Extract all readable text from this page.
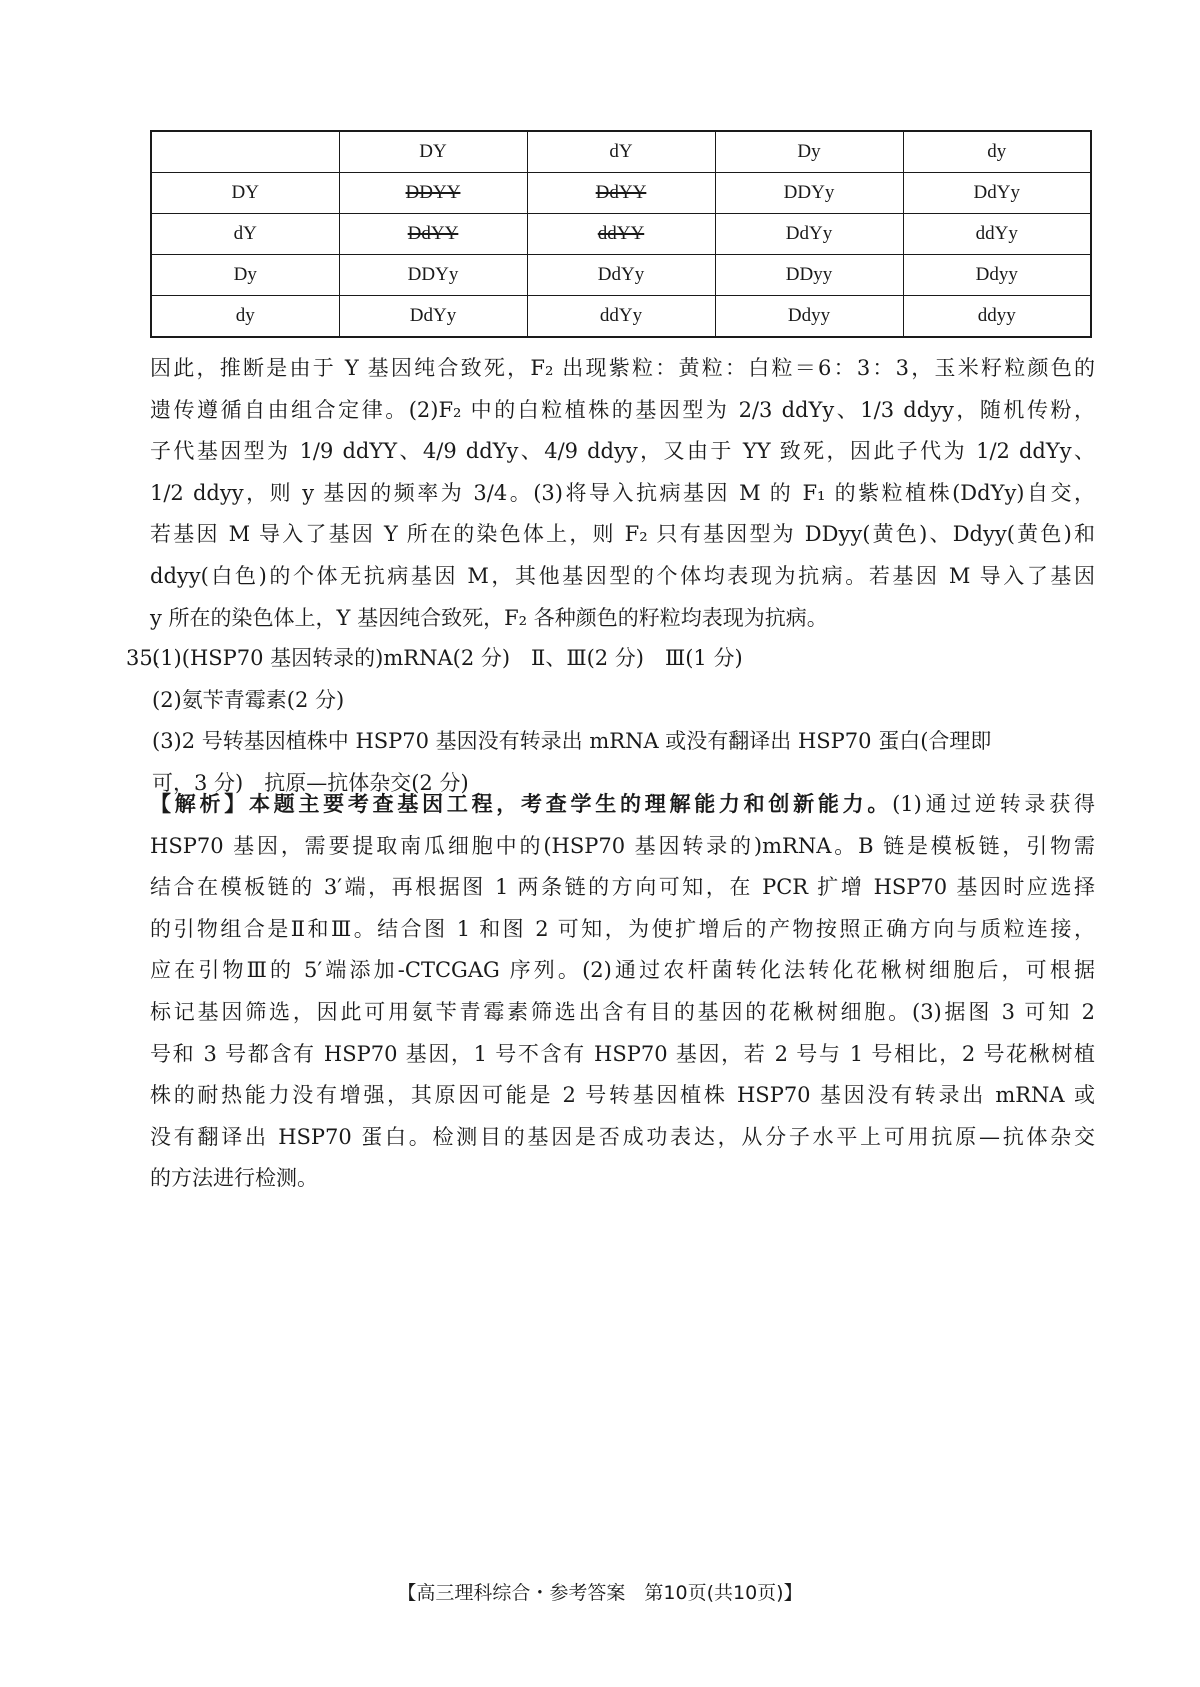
	DY	dY	Dy	dy
DY	DDYY	DdYY	DDYy	DdYy
dY	DdYY	ddYY	DdYy	ddYy
Dy	DDYy	DdYy	DDyy	Ddyy
dy	DdYy	ddYy	Ddyy	ddyy
因此，推断是由于 Y 基因纯合致死，F₂ 出现紫粒：黄粒：白粒＝6：3：3，玉米籽粒颜色的
遗传遵循自由组合定律。(2)F₂ 中的白粒植株的基因型为 2/3 ddYy、1/3 ddyy，随机传粉，
子代基因型为 1/9 ddYY、4/9 ddYy、4/9 ddyy，又由于 YY 致死，因此子代为 1/2 ddYy、
1/2 ddyy，则 y 基因的频率为 3/4。(3)将导入抗病基因 M 的 F₁ 的紫粒植株(DdYy)自交，
若基因 M 导入了基因 Y 所在的染色体上，则 F₂ 只有基因型为 DDyy(黄色)、Ddyy(黄色)和
ddyy(白色)的个体无抗病基因 M，其他基因型的个体均表现为抗病。若基因 M 导入了基因
y 所在的染色体上，Y 基因纯合致死，F₂ 各种颜色的籽粒均表现为抗病。
35.(1)(HSP70 基因转录的)mRNA(2 分)　Ⅱ、Ⅲ(2 分)　Ⅲ(1 分)
(2)氨苄青霉素(2 分)
(3)2 号转基因植株中 HSP70 基因没有转录出 mRNA 或没有翻译出 HSP70 蛋白(合理即
可，3 分)　抗原—抗体杂交(2 分)
【解析】本题主要考查基因工程，考查学生的理解能力和创新能力。(1)通过逆转录获得
HSP70 基因，需要提取南瓜细胞中的(HSP70 基因转录的)mRNA。B 链是模板链，引物需
结合在模板链的 3′端，再根据图 1 两条链的方向可知，在 PCR 扩增 HSP70 基因时应选择
的引物组合是Ⅱ和Ⅲ。结合图 1 和图 2 可知，为使扩增后的产物按照正确方向与质粒连接，
应在引物Ⅲ的 5′端添加-CTCGAG 序列。(2)通过农杆菌转化法转化花楸树细胞后，可根据
标记基因筛选，因此可用氨苄青霉素筛选出含有目的基因的花楸树细胞。(3)据图 3 可知 2
号和 3 号都含有 HSP70 基因，1 号不含有 HSP70 基因，若 2 号与 1 号相比，2 号花楸树植
株的耐热能力没有增强，其原因可能是 2 号转基因植株 HSP70 基因没有转录出 mRNA 或
没有翻译出 HSP70 蛋白。检测目的基因是否成功表达，从分子水平上可用抗原—抗体杂交
的方法进行检测。
【高三理科综合・参考答案　第10页(共10页)】
